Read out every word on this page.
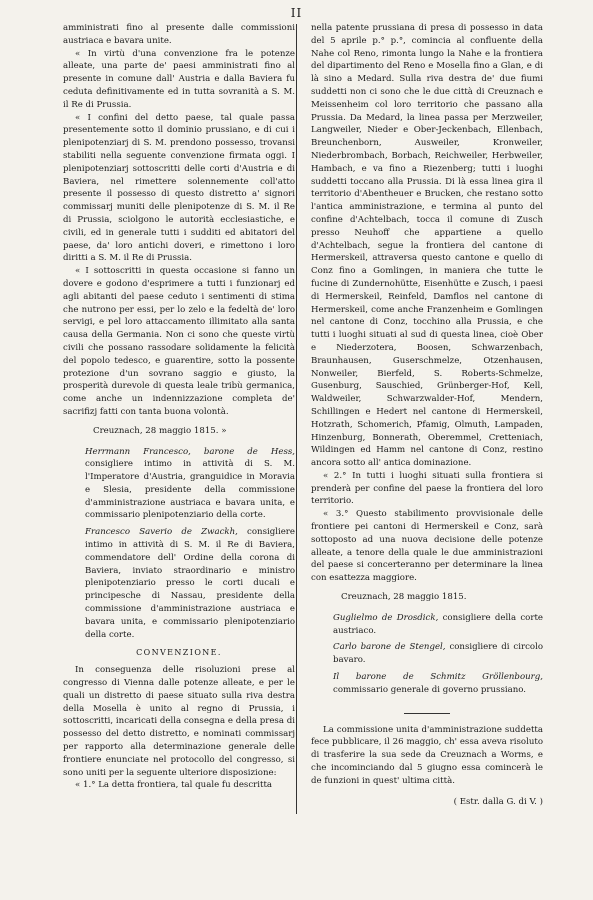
II

amministrati fino al presente dalle commissioni austriaca e bavara unite.

« In virtù d'una convenzione fra le potenze alleate, una parte de' paesi amministrati fino al presente in comune dall' Austria e dalla Baviera fu ceduta definitivamente ed in tutta sovranità a S. M. il Re di Prussia.

« I confini del detto paese, tal quale passa presentemente sotto il dominio prussiano, e di cui i plenipotenziarj di S. M. prendono possesso, trovansi stabiliti nella seguente convenzione firmata oggi. I plenipotenziarj sottoscritti delle corti d'Austria e di Baviera, nel rimettere solennemente coll'atto presente il possesso di questo distretto a' signori commissarj muniti delle plenipotenze di S. M. il Re di Prussia, sciolgono le autorità ecclesiastiche, e civili, ed in generale tutti i sudditi ed abitatori del paese, da' loro antichi doveri, e rimettono i loro diritti a S. M. il Re di Prussia.

« I sottoscritti in questa occasione si fanno un dovere e godono d'esprimere a tutti i funzionarj ed agli abitanti del paese ceduto i sentimenti di stima che nutrono per essi, per lo zelo e la fedeltà de' loro servigi, e pel loro attaccamento illimitato alla santa causa della Germania. Non ci sono che queste virtù civili che possano rassodare solidamente la felicità del popolo tedesco, e guarentire, sotto la possente protezione d'un sovrano saggio e giusto, la prosperità durevole di questa leale tribù germanica, come anche un indennizzazione completa de' sacrifizj fatti con tanta buona volontà.

Creuznach, 28 maggio 1815. »

Herrmann Francesco, barone de Hess, consigliere intimo in attività di S. M. l'Imperatore d'Austria, granguidice in Moravia e Slesia, presidente della commissione d'amministrazione austriaca e bavara unita, e commissario plenipotenziario della corte.

Francesco Saverio de Zwackh, consigliere intimo in attività di S. M. il Re di Baviera, commendatore dell' Ordine della corona di Baviera, inviato straordinario e ministro plenipotenziario presso le corti ducali e principesche di Nassau, presidente della commissione d'amministrazione austriaca e bavara unita, e commissario plenipotenziario della corte.

CONVENZIONE.

In conseguenza delle risoluzioni prese al congresso di Vienna dalle potenze alleate, e per le quali un distretto di paese situato sulla riva destra della Mosella è unito al regno di Prussia, i sottoscritti, incaricati della consegna e della presa di possesso del detto distretto, e nominati commissarj per rapporto alla determinazione generale delle frontiere enunciate nel protocollo del congresso, si sono uniti per la seguente ulteriore disposizione:

« 1.° La detta frontiera, tal quale fu descritta

nella patente prussiana di presa di possesso in data del 5 aprile p.° p.°, comincia al confluente della Nahe col Reno, rimonta lungo la Nahe e la frontiera del dipartimento del Reno e Mosella fino a Glan, e di là sino a Medard. Sulla riva destra de' due fiumi suddetti non ci sono che le due città di Creuznach e Meissenheim col loro territorio che passano alla Prussia. Da Medard, la linea passa per Merzweiler, Langweiler, Nieder e Ober-Jeckenbach, Ellenbach, Breunchenborn, Ausweiler, Kronweiler, Niederbrombach, Borbach, Reichweiler, Herbweiler, Hambach, e va fino a Riezenberg; tutti i luoghi suddetti toccano alla Prussia. Di là essa linea gira il territorio d'Abentheuer e Brucken, che restano sotto l'antica amministrazione, e termina al punto del confine d'Achtelbach, tocca il comune di Zusch presso Neuhoff che appartiene a quello d'Achtelbach, segue la frontiera del cantone di Hermerskeil, attraversa questo cantone e quello di Conz fino a Gomlingen, in maniera che tutte le fucine di Zundernohütte, Eisenhütte e Zusch, i paesi di Hermerskeil, Reinfeld, Damflos nel cantone di Hermerskeil, come anche Franzenheim e Gomlingen nel cantone di Conz, tocchino alla Prussia, e che tutti i luoghi situati al sud di questa linea, cioè Ober e Niederzotera, Boosen, Schwarzenbach, Braunhausen, Guserschmelze, Otzenhausen, Nonweiler, Bierfeld, S. Roberts-Schmelze, Gusenburg, Sauschied, Grünberger-Hof, Kell, Waldweiler, Schwarzwalder-Hof, Mendern, Schillingen e Hedert nel cantone di Hermerskeil, Hotzrath, Schomerich, Pfamig, Olmuth, Lampaden, Hinzenburg, Bonnerath, Oberemmel, Cretteniach, Wildingen ed Hamm nel cantone di Conz, restino ancora sotto all' antica dominazione.

« 2.° In tutti i luoghi situati sulla frontiera si prenderà per confine del paese la frontiera del loro territorio.

« 3.° Questo stabilimento provvisionale delle frontiere pei cantoni di Hermerskeil e Conz, sarà sottoposto ad una nuova decisione delle potenze alleate, a tenore della quale le due amministrazioni del paese si concerteranno per determinare la linea con esattezza maggiore.

Creuznach, 28 maggio 1815.

Guglielmo de Drosdick, consigliere della corte austriaco.

Carlo barone de Stengel, consigliere di circolo bavaro.

Il barone de Schmitz Gröllenbourg, commissario generale di governo prussiano.

La commissione unita d'amministrazione suddetta fece pubblicare, il 26 maggio, ch' essa aveva risoluto di trasferire la sua sede da Creuznach a Worms, e che incominciando dal 5 giugno essa comincerà le de funzioni in quest' ultima città.

( Estr. dalla G. di V. )
